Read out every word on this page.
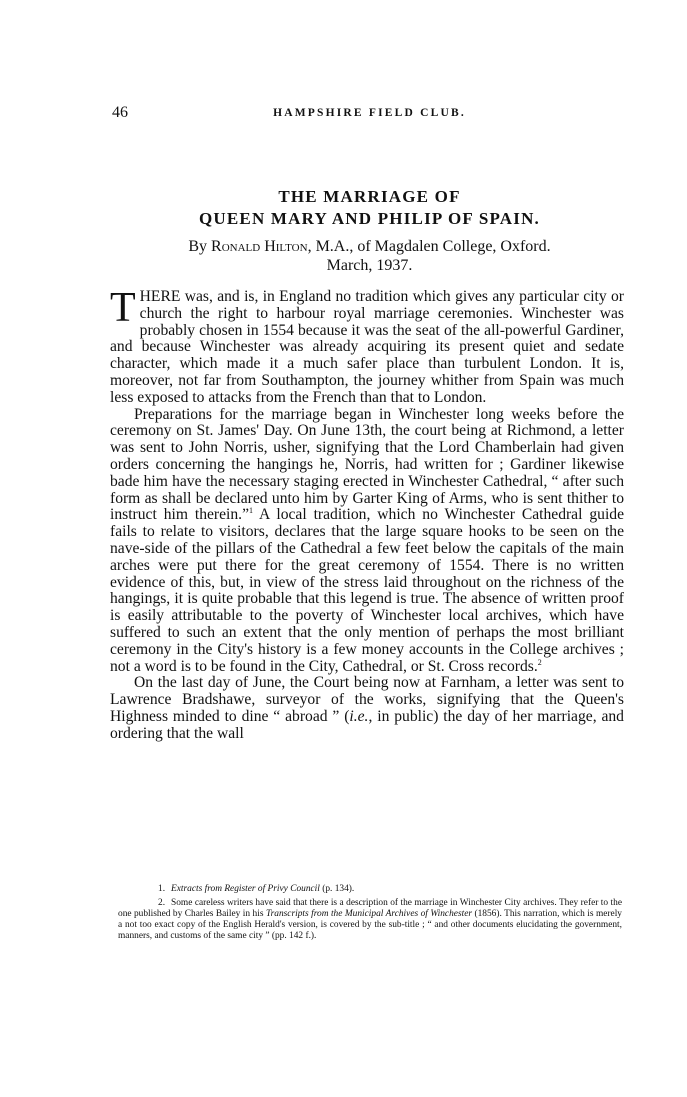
46	HAMPSHIRE FIELD CLUB.
THE MARRIAGE OF
QUEEN MARY AND PHILIP OF SPAIN.
By Ronald Hilton, M.A., of Magdalen College, Oxford.
March, 1937.

THERE was, and is, in England no tradition which gives any particular city or church the right to harbour royal marriage ceremonies. Winchester was probably chosen in 1554 because it was the seat of the all-powerful Gardiner, and because Winchester was already acquiring its present quiet and sedate character, which made it a much safer place than turbulent London. It is, moreover, not far from Southampton, the journey whither from Spain was much less exposed to attacks from the French than that to London.

Preparations for the marriage began in Winchester long weeks before the ceremony on St. James' Day. On June 13th, the court being at Richmond, a letter was sent to John Norris, usher, signifying that the Lord Chamberlain had given orders concerning the hangings he, Norris, had written for ; Gardiner likewise bade him have the necessary staging erected in Winchester Cathedral, “ after such form as shall be declared unto him by Garter King of Arms, who is sent thither to instruct him therein.”$^1$ A local tradition, which no Winchester Cathedral guide fails to relate to visitors, declares that the large square hooks to be seen on the nave-side of the pillars of the Cathedral a few feet below the capitals of the main arches were put there for the great ceremony of 1554. There is no written evidence of this, but, in view of the stress laid throughout on the richness of the hangings, it is quite probable that this legend is true. The absence of written proof is easily attributable to the poverty of Winchester local archives, which have suffered to such an extent that the only mention of perhaps the most brilliant ceremony in the City's history is a few money accounts in the College archives ; not a word is to be found in the City, Cathedral, or St. Cross records.$^2$

On the last day of June, the Court being now at Farnham, a letter was sent to Lawrence Bradshawe, surveyor of the works, signifying that the Queen's Highness minded to dine “ abroad ” (i.e., in public) the day of her marriage, and ordering that the wall

1. Extracts from Register of Privy Council (p. 134).

2. Some careless writers have said that there is a description of the marriage in Winchester City archives. They refer to the one published by Charles Bailey in his Transcripts from the Municipal Archives of Winchester (1856). This narration, which is merely a not too exact copy of the English Herald's version, is covered by the sub-title ; “ and other documents elucidating the government, manners, and customs of the same city ” (pp. 142 f.).
